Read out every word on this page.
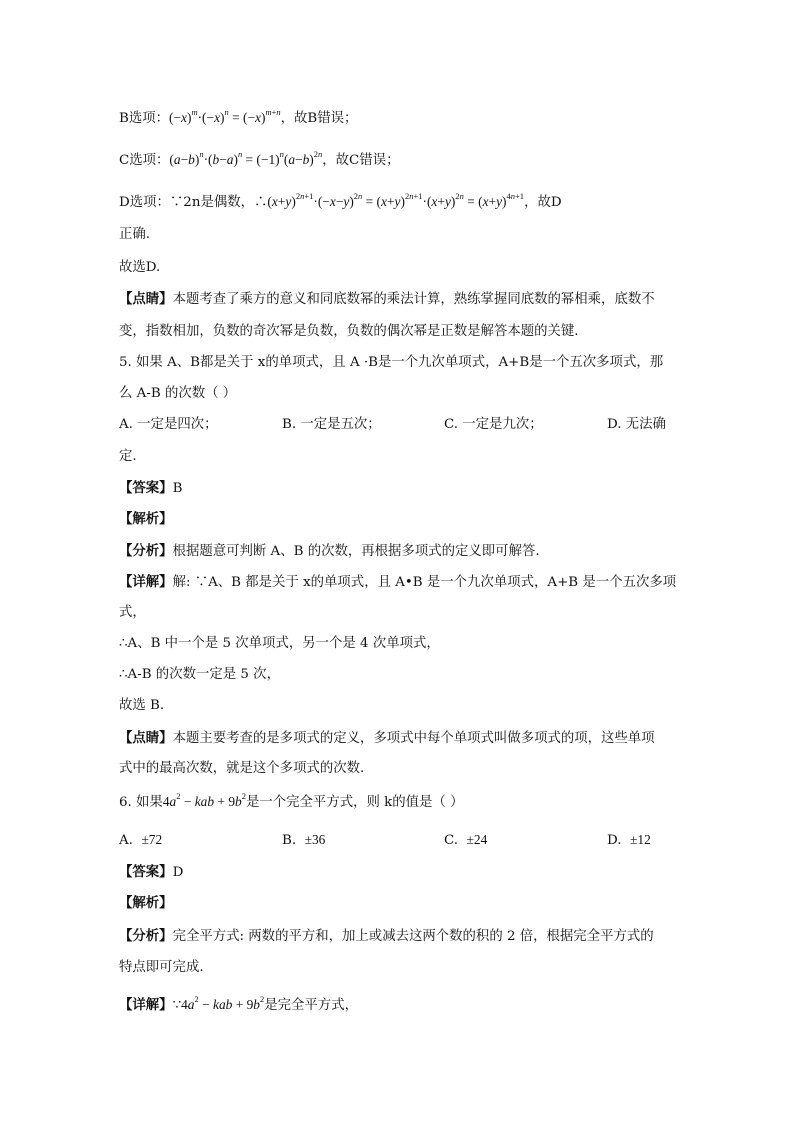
B选项：$(-x)^m\cdot(-x)^n = (-x)^{m+n}$，故B错误；
C选项：$(a-b)^n\cdot(b-a)^n = (-1)^n(a-b)^{2n}$，故C错误；
D选项：∵2n是偶数，$\therefore(x+y)^{2n+1}\cdot(-x-y)^{2n} = (x+y)^{2n+1}\cdot(x+y)^{2n} = (x+y)^{4n+1}$，故D
正确.
故选D.
【点睛】本题考查了乘方的意义和同底数幂的乘法计算，熟练掌握同底数的幂相乘，底数不
变，指数相加，负数的奇次幂是负数，负数的偶次幂是正数是解答本题的关键.
5. 如果 A、B都是关于 x的单项式，且 A ·B是一个九次单项式，A+B是一个五次多项式，那
么 A-B 的次数（ ）
A. 一定是四次；	B. 一定是五次；	C. 一定是九次；	D. 无法确
定.
【答案】B
【解析】
【分析】根据题意可判断 A、B 的次数，再根据多项式的定义即可解答.
【详解】解: ∵A、B 都是关于 x的单项式，且 A•B 是一个九次单项式，A+B 是一个五次多项
式，
∴A、B 中一个是 5 次单项式，另一个是 4 次单项式，
∴A-B 的次数一定是 5 次，
故选 B.
【点睛】本题主要考查的是多项式的定义，多项式中每个单项式叫做多项式的项，这些单项
式中的最高次数，就是这个多项式的次数.
6. 如果$4a^2$ − kab + $9b^2$是一个完全平方式，则 k的值是（ ）
A. ±72	B. ±36	C. ±24	D. ±12
【答案】D
【解析】
【分析】完全平方式: 两数的平方和，加上或减去这两个数的积的 2 倍，根据完全平方式的
特点即可完成.
【详解】$\because 4a^2$ − kab + $9b^2$是完全平方式，
